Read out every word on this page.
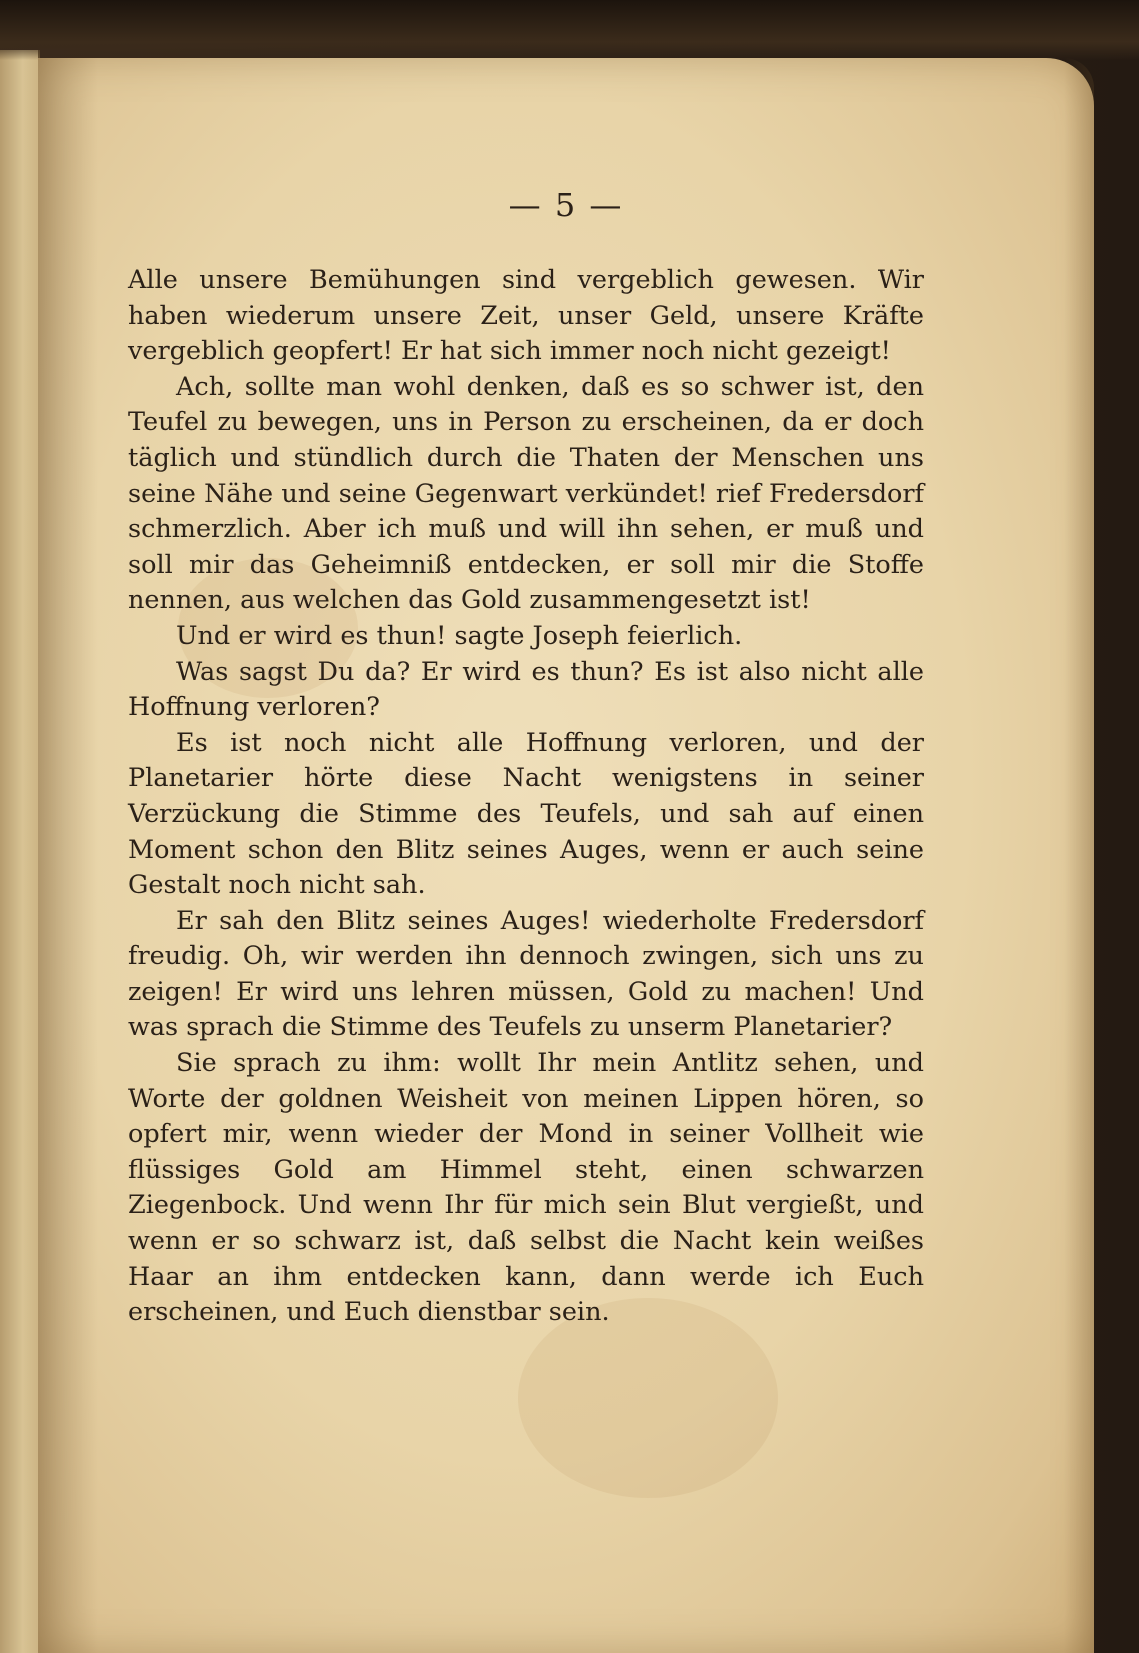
— 5 —

Alle unsere Bemühungen sind vergeblich gewesen. Wir haben wiederum unsere Zeit, unser Geld, unsere Kräfte vergeblich geopfert! Er hat sich immer noch nicht gezeigt!

Ach, sollte man wohl denken, daß es so schwer ist, den Teufel zu bewegen, uns in Person zu erscheinen, da er doch täglich und stündlich durch die Thaten der Menschen uns seine Nähe und seine Gegenwart verkündet! rief Fredersdorf schmerzlich. Aber ich muß und will ihn sehen, er muß und soll mir das Geheimniß entdecken, er soll mir die Stoffe nennen, aus welchen das Gold zusammengesetzt ist!

Und er wird es thun! sagte Joseph feierlich.

Was sagst Du da? Er wird es thun? Es ist also nicht alle Hoffnung verloren?

Es ist noch nicht alle Hoffnung verloren, und der Planetarier hörte diese Nacht wenigstens in seiner Verzückung die Stimme des Teufels, und sah auf einen Moment schon den Blitz seines Auges, wenn er auch seine Gestalt noch nicht sah.

Er sah den Blitz seines Auges! wiederholte Fredersdorf freudig. Oh, wir werden ihn dennoch zwingen, sich uns zu zeigen! Er wird uns lehren müssen, Gold zu machen! Und was sprach die Stimme des Teufels zu unserm Planetarier?

Sie sprach zu ihm: wollt Ihr mein Antlitz sehen, und Worte der goldnen Weisheit von meinen Lippen hören, so opfert mir, wenn wieder der Mond in seiner Vollheit wie flüssiges Gold am Himmel steht, einen schwarzen Ziegenbock. Und wenn Ihr für mich sein Blut vergießt, und wenn er so schwarz ist, daß selbst die Nacht kein weißes Haar an ihm entdecken kann, dann werde ich Euch erscheinen, und Euch dienstbar sein.
